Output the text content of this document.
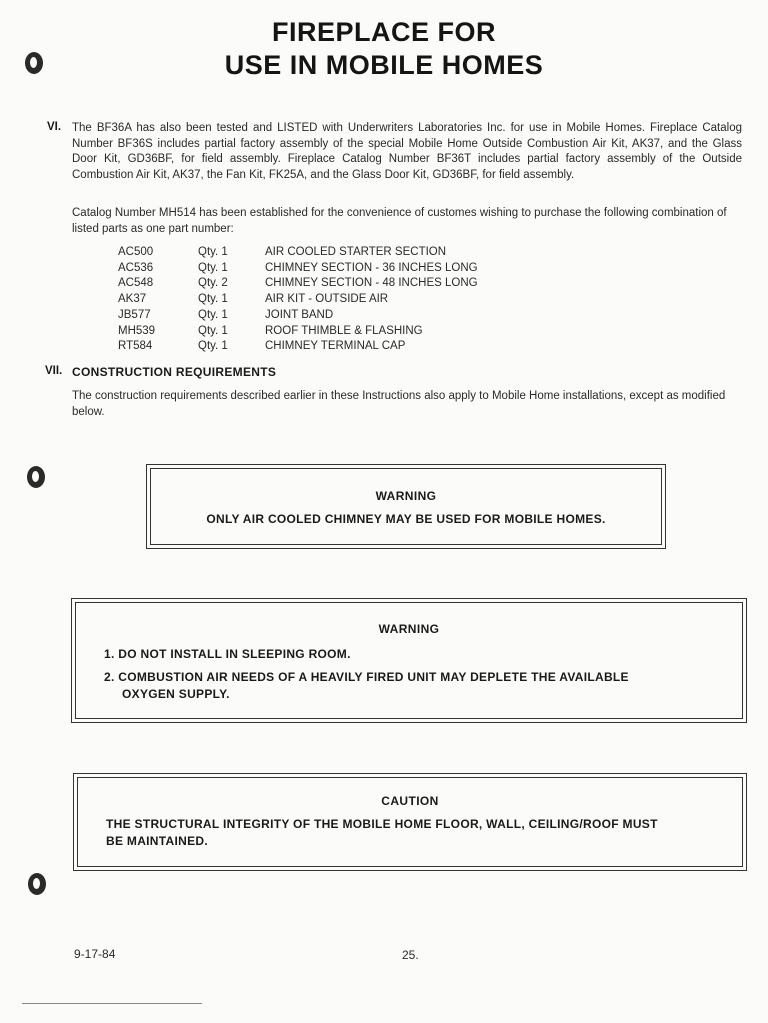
FIREPLACE FOR
USE IN MOBILE HOMES
VI. The BF36A has also been tested and LISTED with Underwriters Laboratories Inc. for use in Mobile Homes. Fireplace Catalog Number BF36S includes partial factory assembly of the special Mobile Home Outside Combustion Air Kit, AK37, and the Glass Door Kit, GD36BF, for field assembly. Fireplace Catalog Number BF36T includes partial factory assembly of the Outside Combustion Air Kit, AK37, the Fan Kit, FK25A, and the Glass Door Kit, GD36BF, for field assembly.
Catalog Number MH514 has been established for the convenience of customes wishing to purchase the following combination of listed parts as one part number:
AC500	Qty. 1	AIR COOLED STARTER SECTION
AC536	Qty. 1	CHIMNEY SECTION - 36 INCHES LONG
AC548	Qty. 2	CHIMNEY SECTION - 48 INCHES LONG
AK37	Qty. 1	AIR KIT - OUTSIDE AIR
JB577	Qty. 1	JOINT BAND
MH539	Qty. 1	ROOF THIMBLE & FLASHING
RT584	Qty. 1	CHIMNEY TERMINAL CAP
VII. CONSTRUCTION REQUIREMENTS
The construction requirements described earlier in these Instructions also apply to Mobile Home installations, except as modified below.
WARNING
ONLY AIR COOLED CHIMNEY MAY BE USED FOR MOBILE HOMES.
WARNING
1. DO NOT INSTALL IN SLEEPING ROOM.
2. COMBUSTION AIR NEEDS OF A HEAVILY FIRED UNIT MAY DEPLETE THE AVAILABLE
OXYGEN SUPPLY.
CAUTION
THE STRUCTURAL INTEGRITY OF THE MOBILE HOME FLOOR, WALL, CEILING/ROOF MUST
BE MAINTAINED.
9-17-84	25.
